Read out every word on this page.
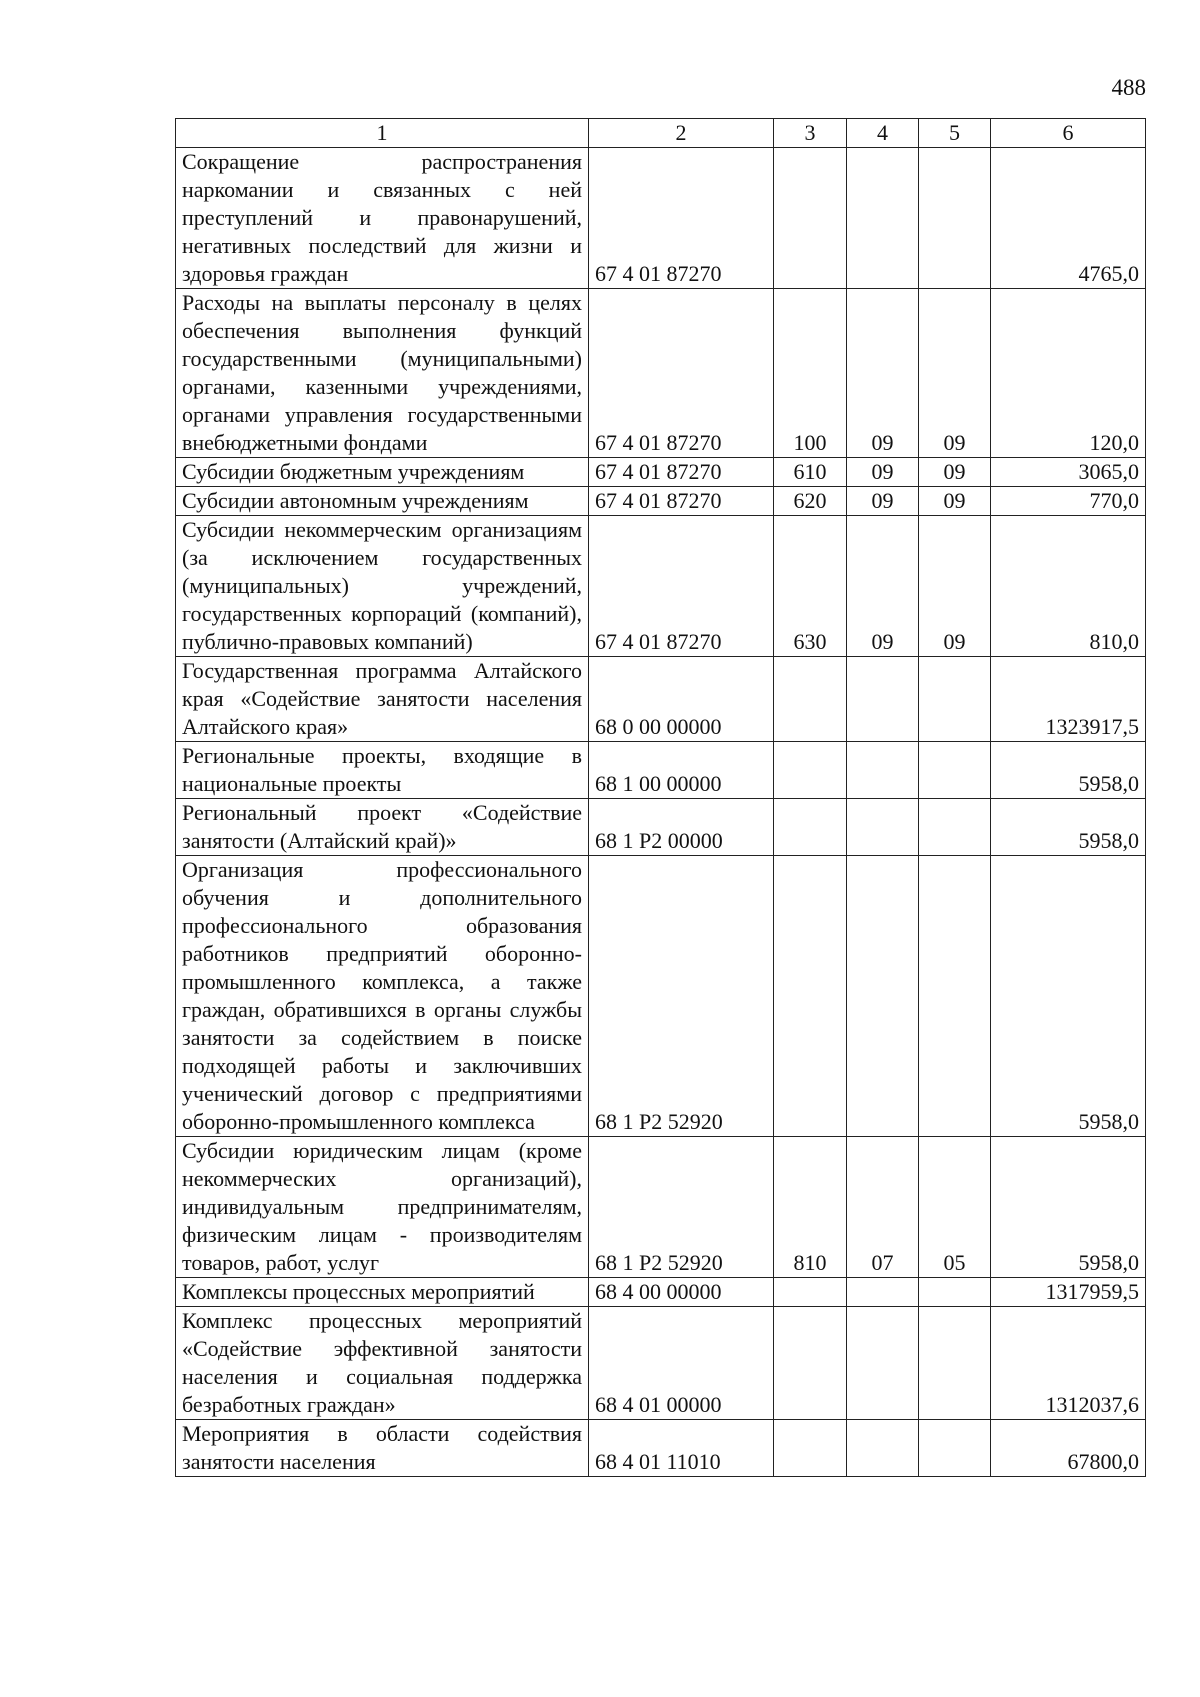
488
1	2	3	4	5	6
Сокращение распространения наркомании и связанных с ней преступлений и правонарушений, негативных последствий для жизни и здоровья граждан	67 4 01 87270				4765,0
Расходы на выплаты персоналу в целях обеспечения выполнения функций государственными (муниципальными) органами, казенными учреждениями, органами управления государственными внебюджетными фондами	67 4 01 87270	100	09	09	120,0
Субсидии бюджетным учреждениям	67 4 01 87270	610	09	09	3065,0
Субсидии автономным учреждениям	67 4 01 87270	620	09	09	770,0
Субсидии некоммерческим организациям (за исключением государственных (муниципальных) учреждений, государственных корпораций (компаний), публично-правовых компаний)	67 4 01 87270	630	09	09	810,0
Государственная программа Алтайского края «Содействие занятости населения Алтайского края»	68 0 00 00000				1323917,5
Региональные проекты, входящие в национальные проекты	68 1 00 00000				5958,0
Региональный проект «Содействие занятости (Алтайский край)»	68 1 P2 00000				5958,0
Организация профессионального обучения и дополнительного профессионального образования работников предприятий оборонно-промышленного комплекса, а также граждан, обратившихся в органы службы занятости за содействием в поиске подходящей работы и заключивших ученический договор с предприятиями оборонно-промышленного комплекса	68 1 P2 52920				5958,0
Субсидии юридическим лицам (кроме некоммерческих организаций), индивидуальным предпринимателям, физическим лицам - производителям товаров, работ, услуг	68 1 P2 52920	810	07	05	5958,0
Комплексы процессных мероприятий	68 4 00 00000				1317959,5
Комплекс процессных мероприятий «Содействие эффективной занятости населения и социальная поддержка безработных граждан»	68 4 01 00000				1312037,6
Мероприятия в области содействия занятости населения	68 4 01 11010				67800,0
